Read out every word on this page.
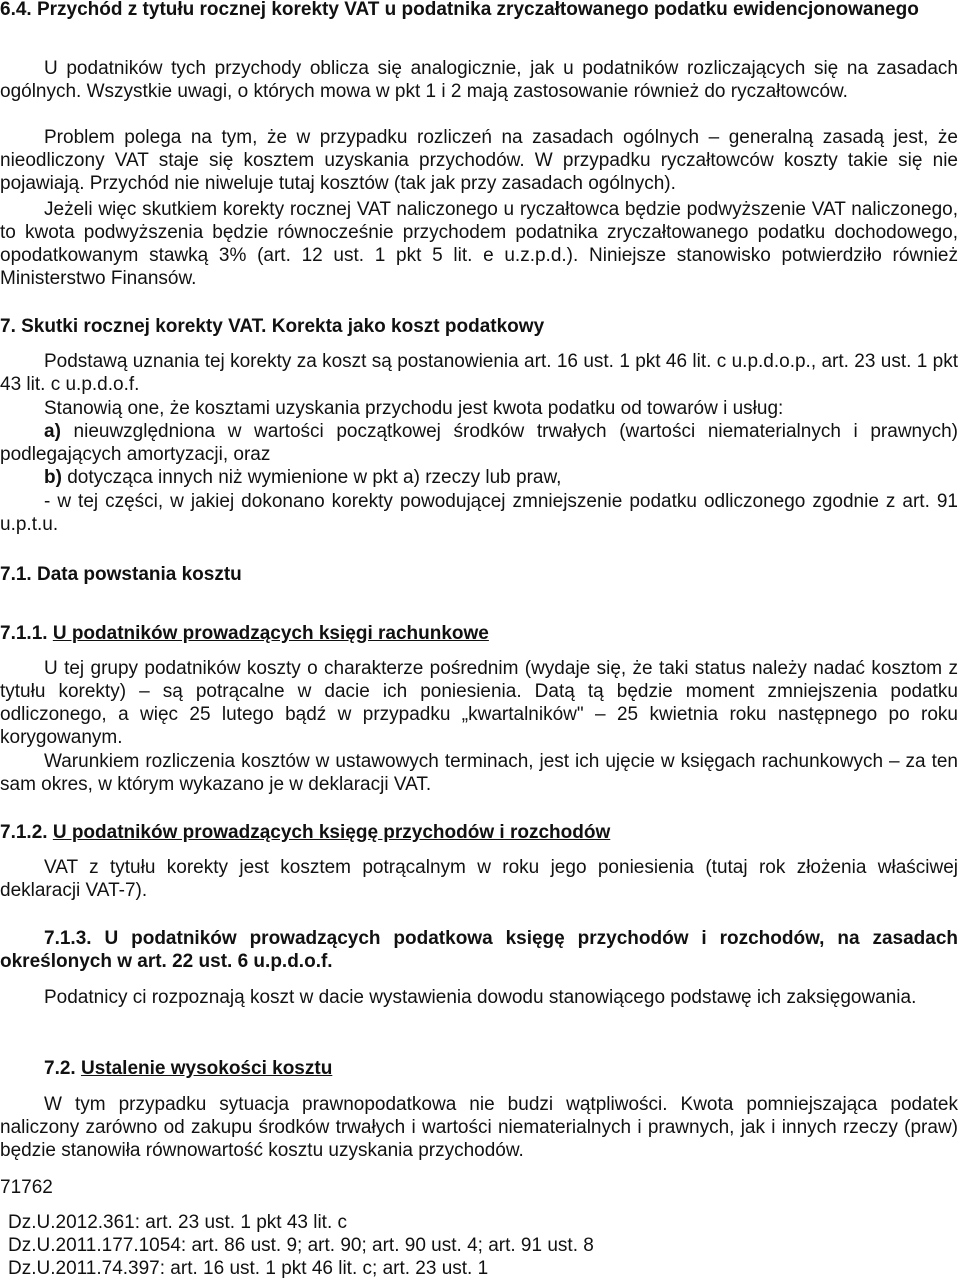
6.4. Przychód z tytułu rocznej korekty VAT u podatnika zryczałtowanego podatku ewidencjonowanego

U podatników tych przychody oblicza się analogicznie, jak u podatników rozliczających się na zasadach ogólnych. Wszystkie uwagi, o których mowa w pkt 1 i 2 mają zastosowanie również do ryczałtowców.

Problem polega na tym, że w przypadku rozliczeń na zasadach ogólnych – generalną zasadą jest, że nieodliczony VAT staje się kosztem uzyskania przychodów. W przypadku ryczałtowców koszty takie się nie pojawiają. Przychód nie niweluje tutaj kosztów (tak jak przy zasadach ogólnych).

Jeżeli więc skutkiem korekty rocznej VAT naliczonego u ryczałtowca będzie podwyższenie VAT naliczonego, to kwota podwyższenia będzie równocześnie przychodem podatnika zryczałtowanego podatku dochodowego, opodatkowanym stawką 3% (art. 12 ust. 1 pkt 5 lit. e u.z.p.d.). Niniejsze stanowisko potwierdziło również Ministerstwo Finansów.

7. Skutki rocznej korekty VAT. Korekta jako koszt podatkowy

Podstawą uznania tej korekty za koszt są postanowienia art. 16 ust. 1 pkt 46 lit. c u.p.d.o.p., art. 23 ust. 1 pkt 43 lit. c u.p.d.o.f.

Stanowią one, że kosztami uzyskania przychodu jest kwota podatku od towarów i usług:

a) nieuwzględniona w wartości początkowej środków trwałych (wartości niematerialnych i prawnych) podlegających amortyzacji, oraz

b) dotycząca innych niż wymienione w pkt a) rzeczy lub praw,

- w tej części, w jakiej dokonano korekty powodującej zmniejszenie podatku odliczonego zgodnie z art. 91 u.p.t.u.

7.1. Data powstania kosztu
7.1.1. U podatników prowadzących księgi rachunkowe

U tej grupy podatników koszty o charakterze pośrednim (wydaje się, że taki status należy nadać kosztom z tytułu korekty) – są potrącalne w dacie ich poniesienia. Datą tą będzie moment zmniejszenia podatku odliczonego, a więc 25 lutego bądź w przypadku „kwartalników" – 25 kwietnia roku następnego po roku korygowanym.

Warunkiem rozliczenia kosztów w ustawowych terminach, jest ich ujęcie w księgach rachunkowych – za ten sam okres, w którym wykazano je w deklaracji VAT.

7.1.2. U podatników prowadzących księgę przychodów i rozchodów

VAT z tytułu korekty jest kosztem potrącalnym w roku jego poniesienia (tutaj rok złożenia właściwej deklaracji VAT-7).

7.1.3. U podatników prowadzących podatkowa księgę przychodów i rozchodów, na zasadach określonych w art. 22 ust. 6 u.p.d.o.f.

Podatnicy ci rozpoznają koszt w dacie wystawienia dowodu stanowiącego podstawę ich zaksięgowania.

7.2. Ustalenie wysokości kosztu

W tym przypadku sytuacja prawnopodatkowa nie budzi wątpliwości. Kwota pomniejszająca podatek naliczony zarówno od zakupu środków trwałych i wartości niematerialnych i prawnych, jak i innych rzeczy (praw) będzie stanowiła równowartość kosztu uzyskania przychodów.

71762
Dz.U.2012.361: art. 23 ust. 1 pkt 43 lit. c
Dz.U.2011.177.1054: art. 86 ust. 9; art. 90; art. 90 ust. 4; art. 91 ust. 8
Dz.U.2011.74.397: art. 16 ust. 1 pkt 46 lit. c; art. 23 ust. 1
